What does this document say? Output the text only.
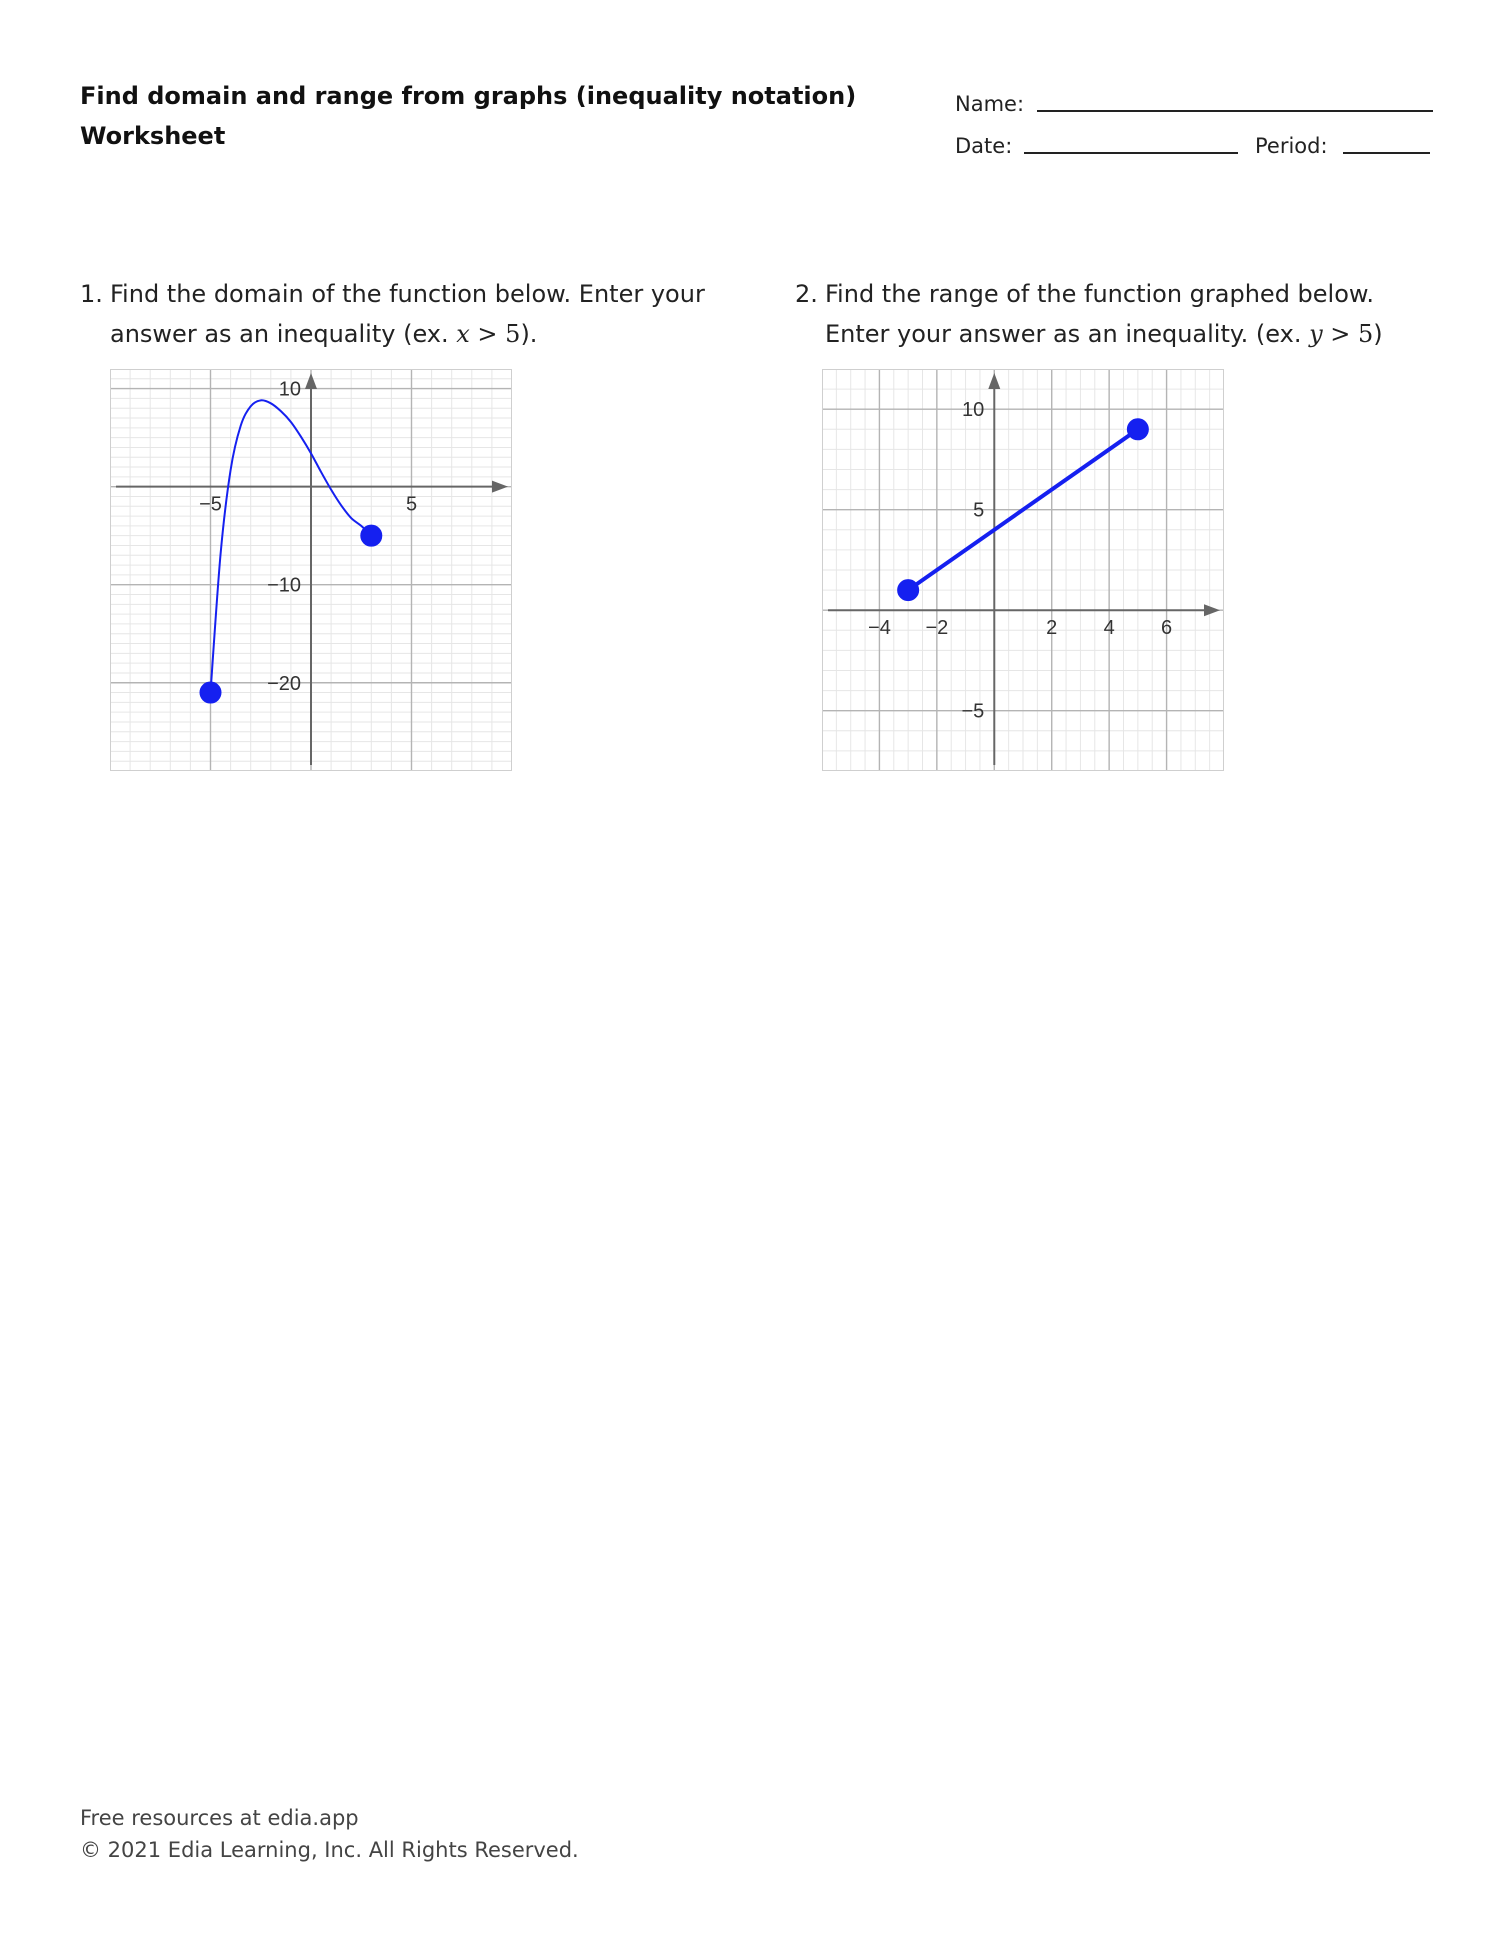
Find domain and range from graphs (inequality notation)
Worksheet
Name:
Date:	Period:
1. Find the domain of the function below. Enter your
answer as an inequality (ex. x > 5).
2. Find the range of the function graphed below.
Enter your answer as an inequality. (ex. y > 5)
−5	5
10
−10
−20
−4 −2	2 4 6
10
5
−5
Free resources at edia.app
© 2021 Edia Learning, Inc. All Rights Reserved.
